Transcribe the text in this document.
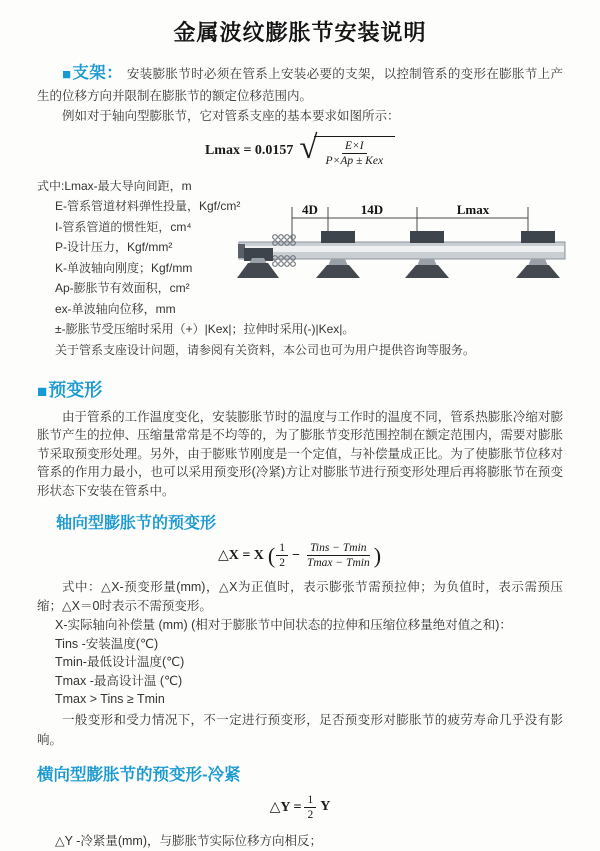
金属波纹膨胀节安装说明

■支架： 安装膨胀节时必须在管系上安装必要的支架，以控制管系的变形在膨胀节上产生的位移方向并限制在膨胀节的额定位移范围内。

例如对于轴向型膨胀节，它对管系支座的基本要求如图所示：

Lmax = 0.0157 √ $\frac{E\times I}{\text{P×Ap ± Kex}}$
式中:Lmax-最大导向间距，m
E-管系管道材料弹性投量，Kgf/cm²
I-管系管道的惯性矩，cm⁴
P-设计压力，Kgf/mm²
K-单波轴向刚度；Kgf/mm
Ap-膨胀节有效面积，cm²
ex-单波轴向位移，mm
±-膨胀节受压缩时采用（+）|Kex|；拉伸时采用(-)|Kex|。
关于管系支座设计问题，请参阅有关资料，本公司也可为用户提供咨询等服务。
4D	14D	Lmax
■预变形

由于管系的工作温度变化，安装膨胀节时的温度与工作时的温度不同，管系热膨胀冷缩对膨胀节产生的拉伸、压缩量常常是不均等的，为了膨胀节变形范围控制在额定范围内，需要对膨胀节采取预变形处理。另外，由于膨账节刚度是一个定值，与补偿量成正比。为了使膨胀节位移对管系的作用力最小，也可以采用预变形(冷紧)方让对膨胀节进行预变形处理后再将膨胀节在预变形状态下安装在管系中。

轴向型膨胀节的预变形
△X = X ( $\frac{1}{2} - \frac{\text{Tins − Tmin}}{Tmax - Tmin}$ )

式中：△X-预变形量(mm)，△X为正值时，表示膨张节需预拉伸；为负值时，表示需预压缩；△X＝0时表示不需预变形。

X-实际轴向补偿量 (mm) (相对于膨胀节中间状态的拉伸和压缩位移量绝对值之和)：
Tins -安装温度(℃)
Tmin-最低设计温度(℃)
Tmax -最高设计温 (℃)
Tmax > Tins ≥ Tmin

一般变形和受力情况下，不一定进行预变形，足否预变形对膨胀节的疲劳寿命几乎没有影响。

横向型膨胀节的预变形-冷紧
△Y = $\frac{1}{2}$ Y

△Y -冷紧量(mm)，与膨胀节实际位移方向相反；
